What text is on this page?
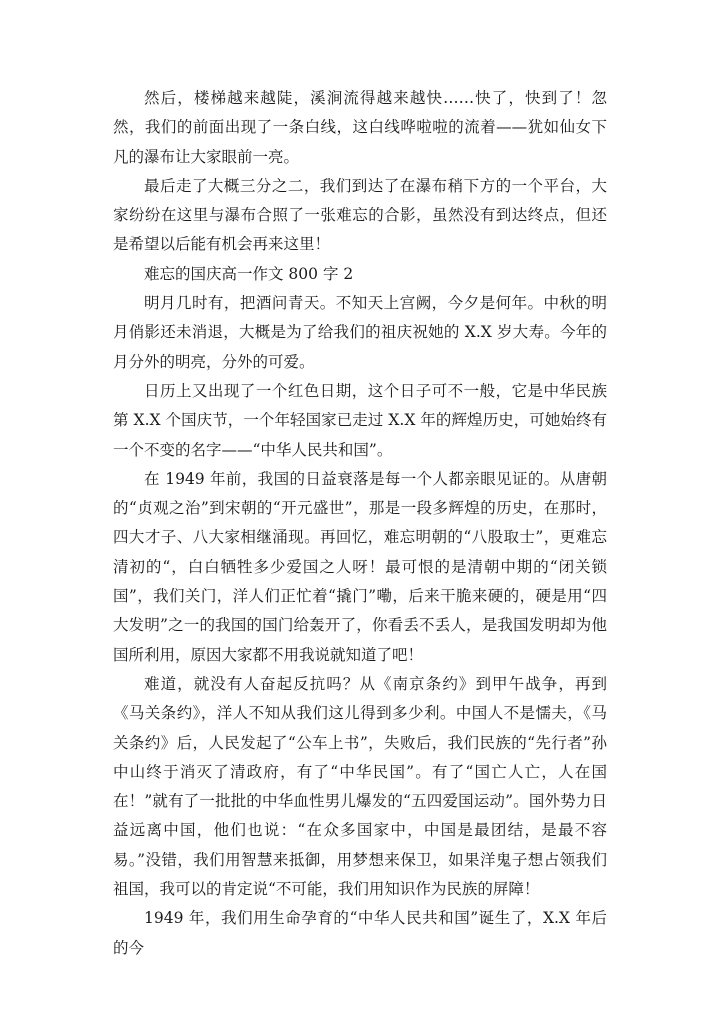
然后，楼梯越来越陡，溪涧流得越来越快……快了，快到了！忽然，我们的前面出现了一条白线，这白线哗啦啦的流着——犹如仙女下凡的瀑布让大家眼前一亮。

最后走了大概三分之二，我们到达了在瀑布稍下方的一个平台，大家纷纷在这里与瀑布合照了一张难忘的合影，虽然没有到达终点，但还是希望以后能有机会再来这里！

难忘的国庆高一作文 800 字 2

明月几时有，把酒问青天。不知天上宫阙，今夕是何年。中秋的明月俏影还未消退，大概是为了给我们的祖庆祝她的 X.X 岁大寿。今年的月分外的明亮，分外的可爱。

日历上又出现了一个红色日期，这个日子可不一般，它是中华民族第 X.X 个国庆节，一个年轻国家已走过 X.X 年的辉煌历史，可她始终有一个不变的名字——“中华人民共和国”。

在 1949 年前，我国的日益衰落是每一个人都亲眼见证的。从唐朝的“贞观之治”到宋朝的“开元盛世”，那是一段多辉煌的历史，在那时，四大才子、八大家相继涌现。再回忆，难忘明朝的“八股取士”，更难忘清初的“，白白牺牲多少爱国之人呀！最可恨的是清朝中期的“闭关锁国”，我们关门，洋人们正忙着“撬门”嘞，后来干脆来硬的，硬是用“四大发明”之一的我国的国门给轰开了，你看丢不丢人，是我国发明却为他国所利用，原因大家都不用我说就知道了吧！

难道，就没有人奋起反抗吗？从《南京条约》到甲午战争，再到《马关条约》，洋人不知从我们这儿得到多少利。中国人不是懦夫，《马关条约》后，人民发起了“公车上书”，失败后，我们民族的“先行者”孙中山终于消灭了清政府，有了“中华民国”。有了“国亡人亡，人在国在！”就有了一批批的中华血性男儿爆发的“五四爱国运动”。国外势力日益远离中国，他们也说：“在众多国家中，中国是最团结，是最不容易。”没错，我们用智慧来抵御，用梦想来保卫，如果洋鬼子想占领我们祖国，我可以的肯定说“不可能，我们用知识作为民族的屏障！

1949 年，我们用生命孕育的“中华人民共和国”诞生了，X.X 年后的今
